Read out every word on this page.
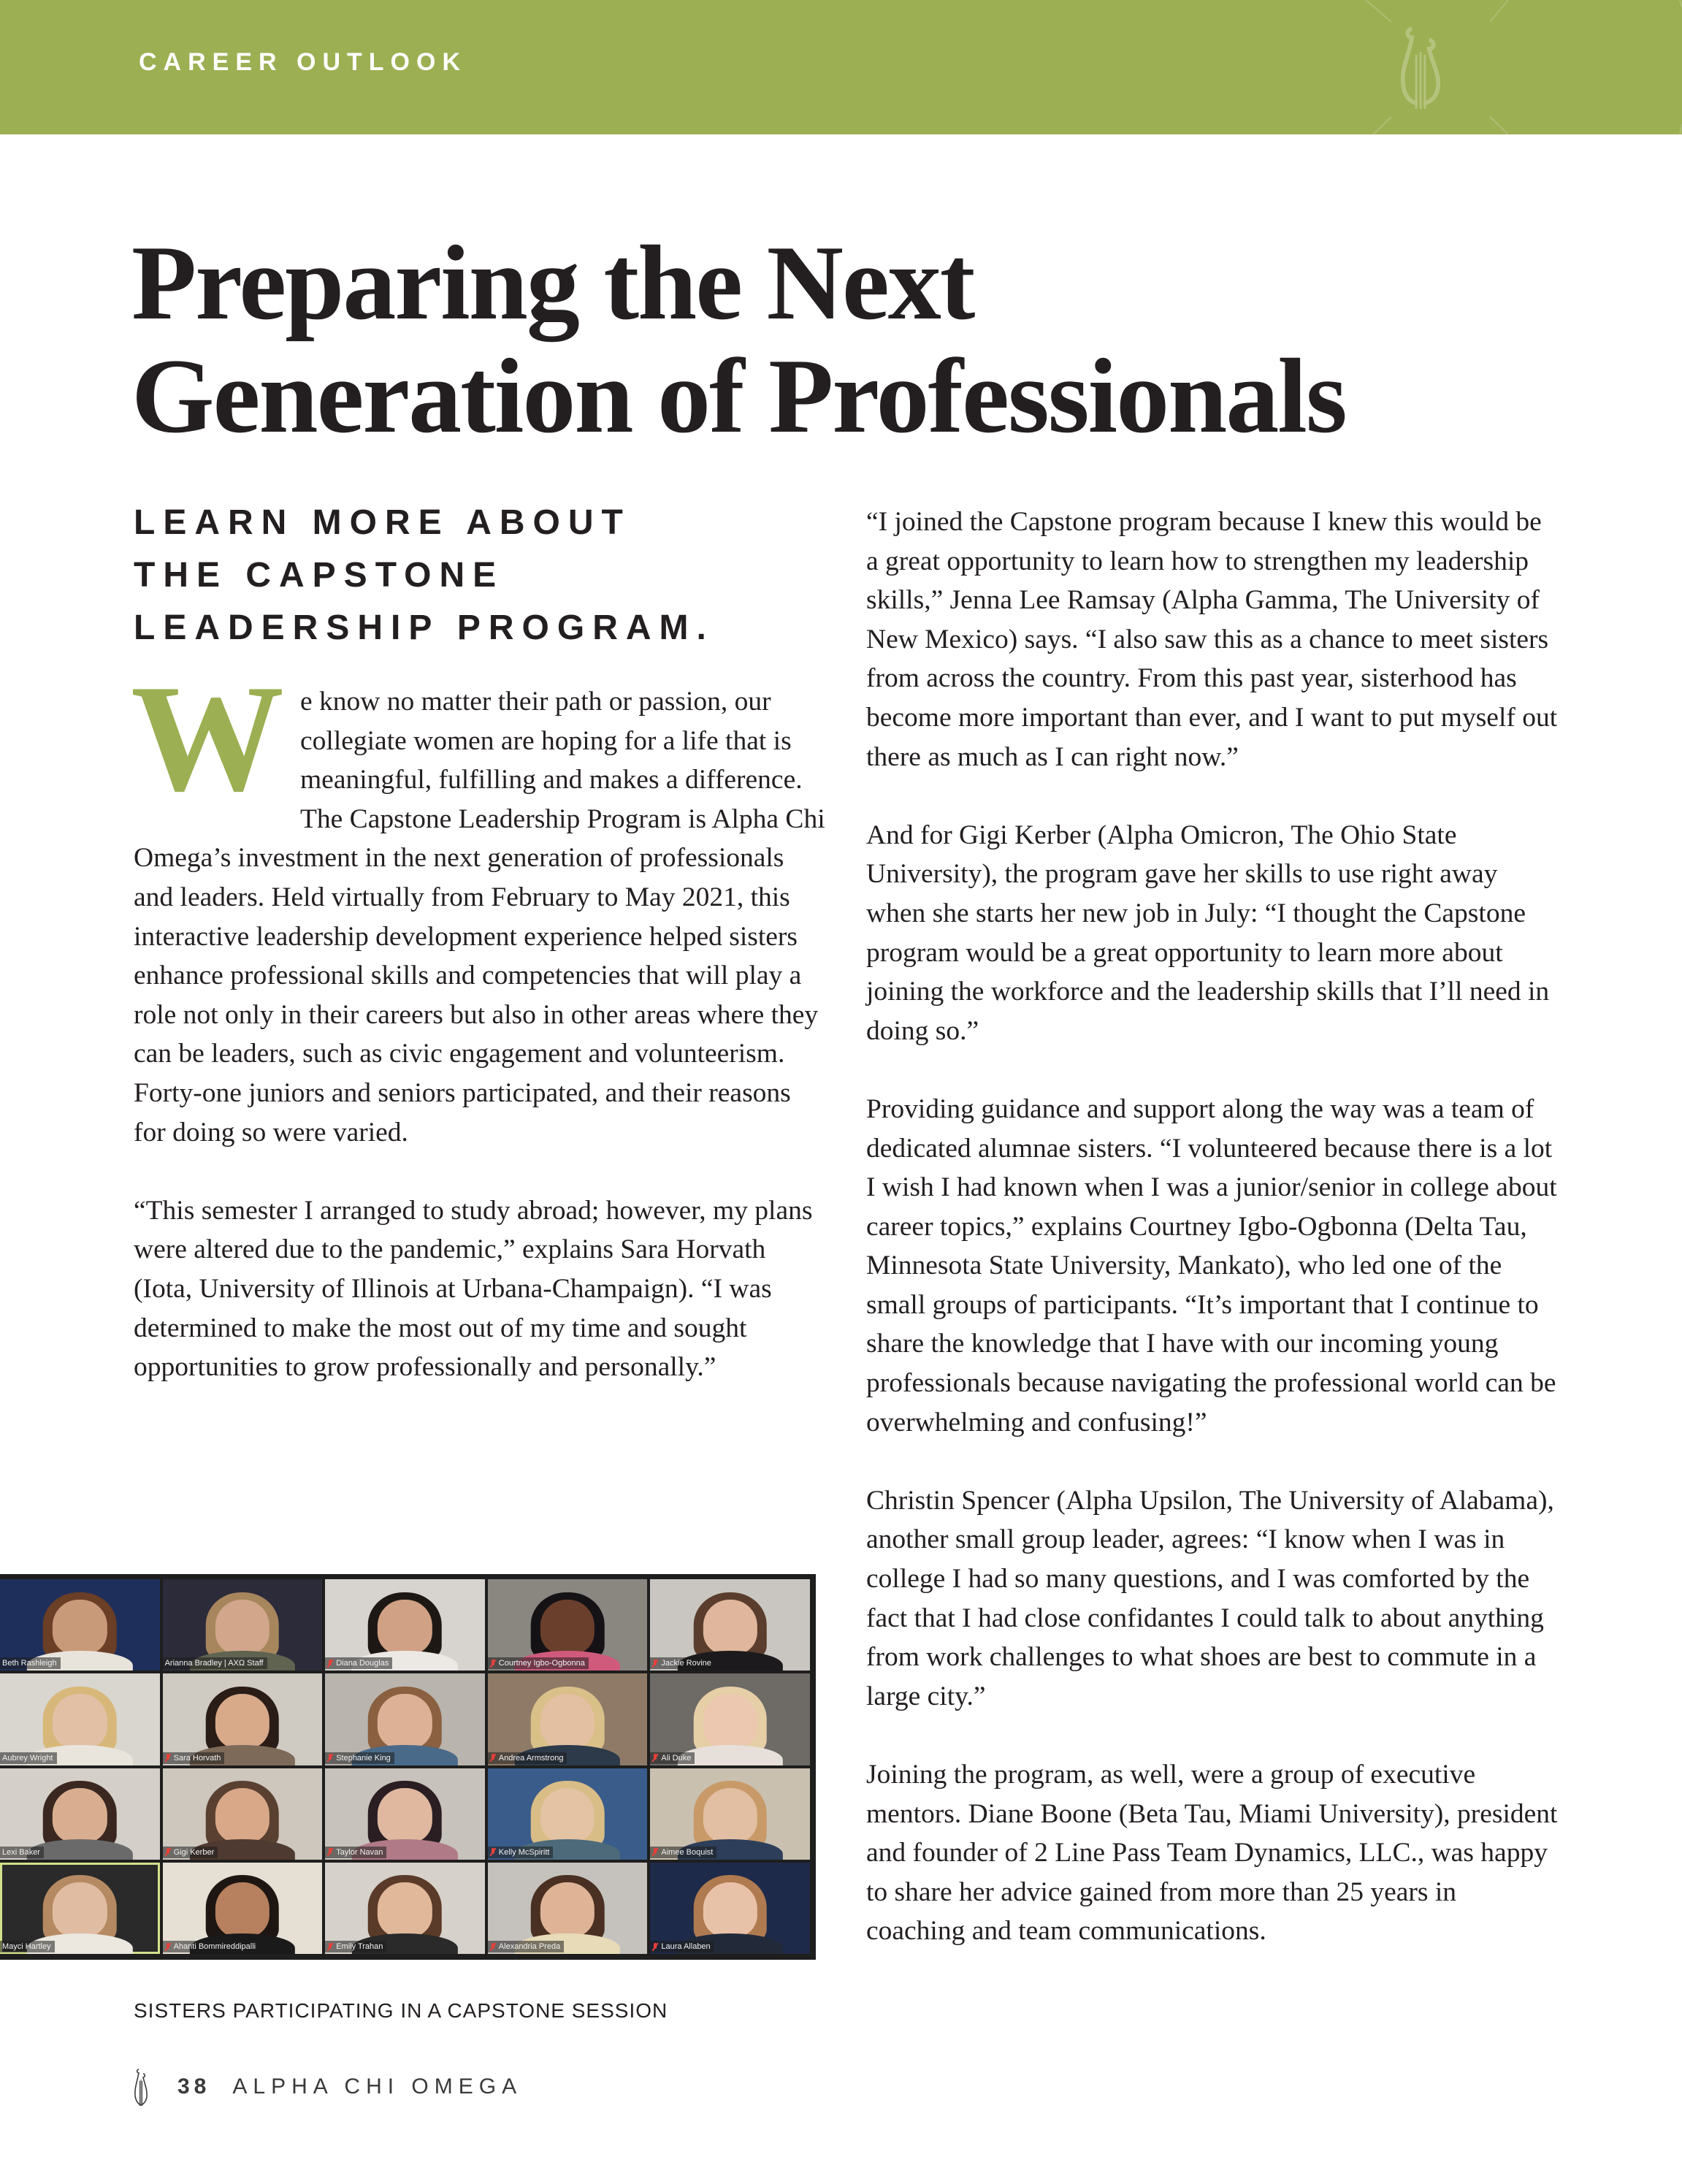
CAREER OUTLOOK
Preparing the Next
Generation of Professionals
LEARN MORE ABOUT
THE CAPSTONE
LEADERSHIP PROGRAM.

We know no matter their path or passion, our collegiate women are hoping for a life that is meaningful, fulfilling and makes a difference. The Capstone Leadership Program is Alpha Chi Omega’s investment in the next generation of professionals and leaders. Held virtually from February to May 2021, this interactive leadership development experience helped sisters enhance professional skills and competencies that will play a role not only in their careers but also in other areas where they can be leaders, such as civic engagement and volunteerism. Forty-one juniors and seniors participated, and their reasons for doing so were varied.

“This semester I arranged to study abroad; however, my plans were altered due to the pandemic,” explains Sara Horvath (Iota, University of Illinois at Urbana-Champaign). “I was determined to make the most out of my time and sought opportunities to grow professionally and personally.”

“I joined the Capstone program because I knew this would be a great opportunity to learn how to strengthen my leadership skills,” Jenna Lee Ramsay (Alpha Gamma, The University of New Mexico) says. “I also saw this as a chance to meet sisters from across the country. From this past year, sisterhood has become more important than ever, and I want to put myself out there as much as I can right now.”

And for Gigi Kerber (Alpha Omicron, The Ohio State University), the program gave her skills to use right away when she starts her new job in July: “I thought the Capstone program would be a great opportunity to learn more about joining the workforce and the leadership skills that I’ll need in doing so.”

Providing guidance and support along the way was a team of dedicated alumnae sisters. “I volunteered because there is a lot I wish I had known when I was a junior/senior in college about career topics,” explains Courtney Igbo-Ogbonna (Delta Tau, Minnesota State University, Mankato), who led one of the small groups of participants. “It’s important that I continue to share the knowledge that I have with our incoming young professionals because navigating the professional world can be overwhelming and confusing!”

Christin Spencer (Alpha Upsilon, The University of Alabama), another small group leader, agrees: “I know when I was in college I had so many questions, and I was comforted by the fact that I had close confidantes I could talk to about anything from work challenges to what shoes are best to commute in a large city.”

Joining the program, as well, were a group of executive mentors. Diane Boone (Beta Tau, Miami University), president and founder of 2 Line Pass Team Dynamics, LLC., was happy to share her advice gained from more than 25 years in coaching and team communications.

Beth Rashleigh	Arianna Bradley | AXΩ Staff	Diana Douglas	Courtney Igbo-Ogbonna	Jackie Rovine
Aubrey Wright	Sara Horvath	Stephanie King	Andrea Armstrong	Ali Duke
Lexi Baker	Gigi Kerber	Taylor Navan	Kelly McSpiritt	Aimee Boquist
Mayci Hartley	Ahanti Bommireddipalli	Emily Trahan	Alexandria Preda	Laura Allaben
SISTERS PARTICIPATING IN A CAPSTONE SESSION
38 ALPHA CHI OMEGA
